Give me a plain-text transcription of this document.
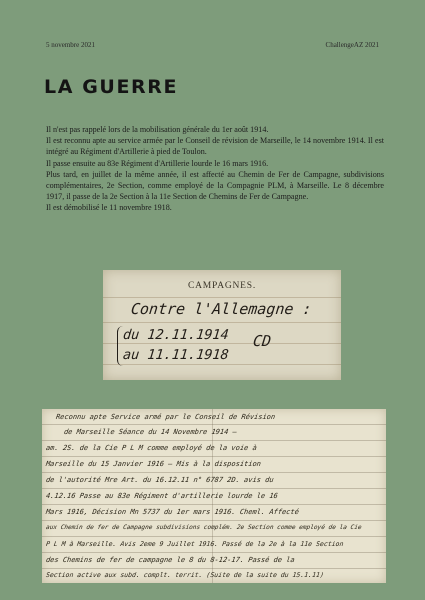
5 novembre 2021	ChallengeAZ 2021
LA GUERRE

Il n'est pas rappelé lors de la mobilisation générale du 1er août 1914.

Il est reconnu apte au service armée par le Conseil de révision de Marseille, le 14 novembre 1914. Il est intégré au Régiment d'Artillerie à pied de Toulon.

Il passe ensuite au 83e Régiment d'Artillerie lourde le 16 mars 1916.

Plus tard, en juillet de la même année, il est affecté au Chemin de Fer de Campagne, subdivisions complémentaires, 2e Section, comme employé de la Compagnie PLM, à Marseille. Le 8 décembre 1917, il passe de la 2e Section à la 11e Section de Chemins de Fer de Campagne.

Il est démobilisé le 11 novembre 1918.

CAMPAGNES.
Contre l'Allemagne :
du 12.11.1914
au 11.11.1918
CD
Reconnu apte Service armé par le Conseil de Révision
de Marseille Séance du 14 Novembre 1914 —
am. 2S. de la Cie P L M comme employé de la voie à
Marseille du 15 Janvier 1916 — Mis à la disposition
de l'autorité Mre Art. du 16.12.11 n° 6787 2D. avis du
4.12.16 Passe au 83e Régiment d'artillerie lourde le 16
Mars 1916, Décision Mn 5737 du 1er mars 1916. Cheml. Affecté
aux Chemin de fer de Campagne subdivisions complém. 2e Section comme employé de la Cie
P L M à Marseille. Avis 2eme 9 Juillet 1916. Passé de la 2e à la 11e Section
des Chemins de fer de campagne le 8 du 8-12-17. Passé de la
Section active aux subd. complt. territ. (Suite de la suite du 15.1.11)
